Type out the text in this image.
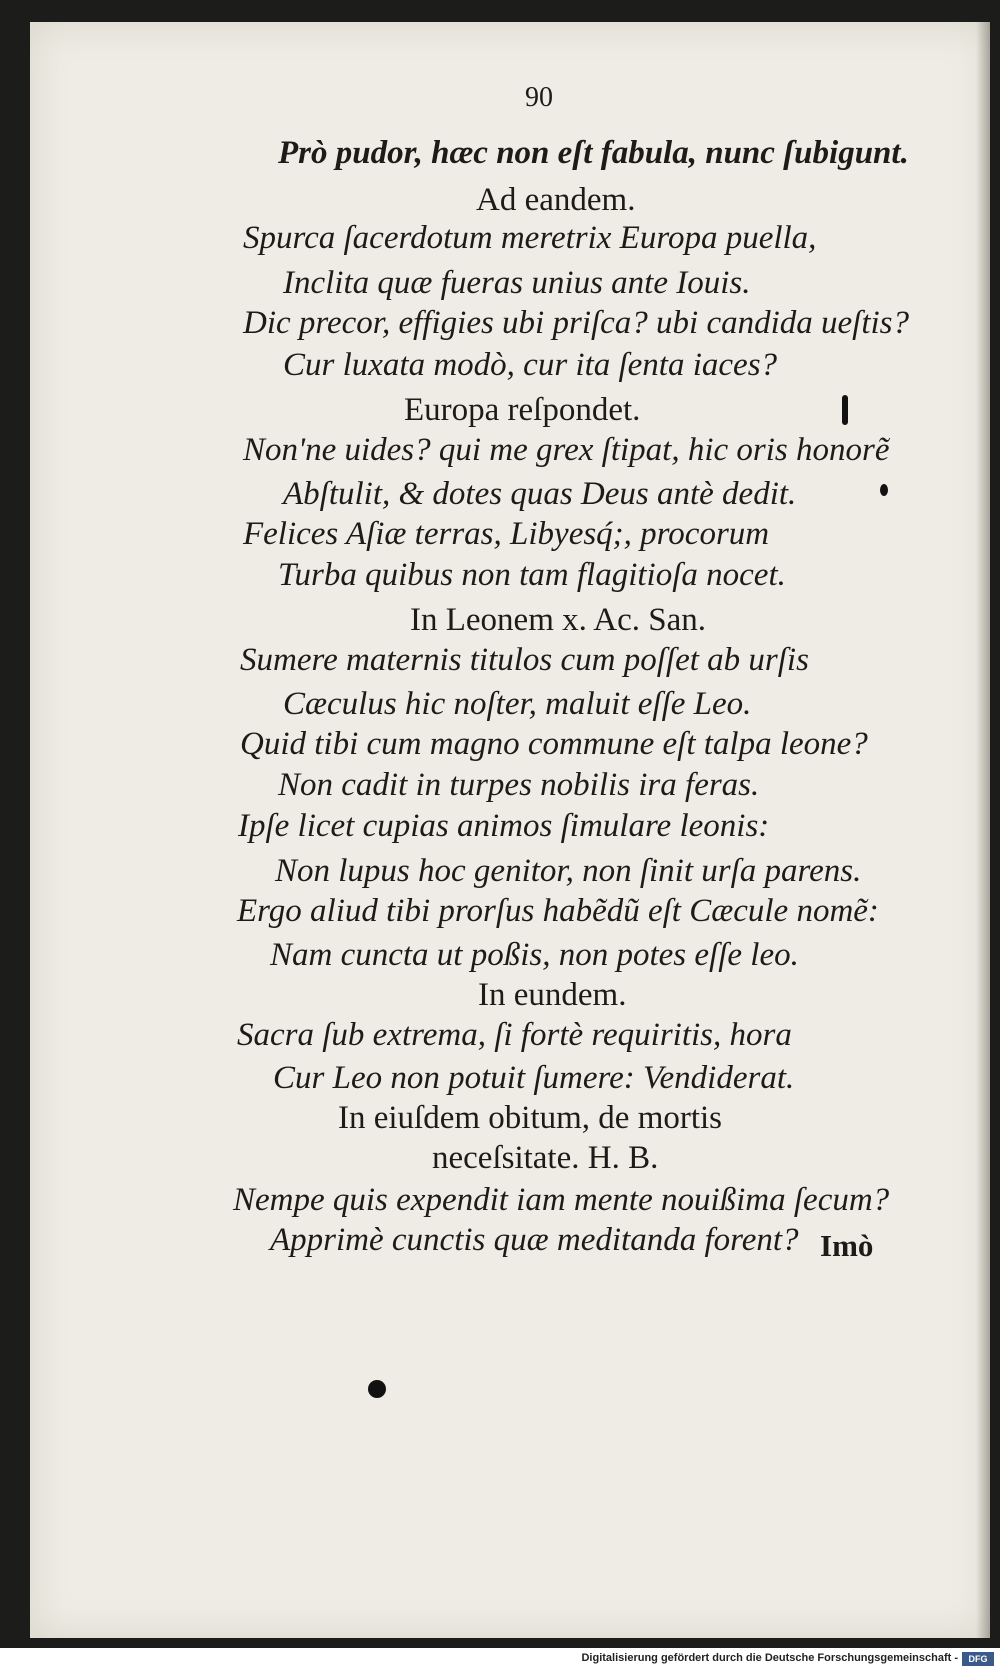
90
Prò pudor, hæc non eſt fabula, nunc ſubigunt.
Ad eandem.
Spurca ſacerdotum meretrix Europa puella,
Inclita quæ fueras unius ante Iouis.
Dic precor, effigies ubi priſca? ubi candida ueſtis?
Cur luxata modò, cur ita ſenta iaces?
Europa reſpondet.
Non'ne uides? qui me grex ſtipat, hic oris honorẽ
Abſtulit, & dotes quas Deus antè dedit.
Felices Aſiæ terras, Libyesq́;, procorum
Turba quibus non tam flagitioſa nocet.
In Leonem x. Ac. San.
Sumere maternis titulos cum poſſet ab urſis
Cæculus hic noſter, maluit eſſe Leo.
Quid tibi cum magno commune eſt talpa leone?
Non cadit in turpes nobilis ira feras.
Ipſe licet cupias animos ſimulare leonis:
Non lupus hoc genitor, non ſinit urſa parens.
Ergo aliud tibi prorſus habẽdũ eſt Cæcule nomẽ:
Nam cuncta ut poßis, non potes eſſe leo.
In eundem.
Sacra ſub extrema, ſi fortè requiritis, hora
Cur Leo non potuit ſumere: Vendiderat.
In eiuſdem obitum, de mortis
neceſsitate. H. B.
Nempe quis expendit iam mente nouißima ſecum?
Apprimè cunctis quæ meditanda forent? Imò
Digitalisierung gefördert durch die Deutsche Forschungsgemeinschaft -	DFG
